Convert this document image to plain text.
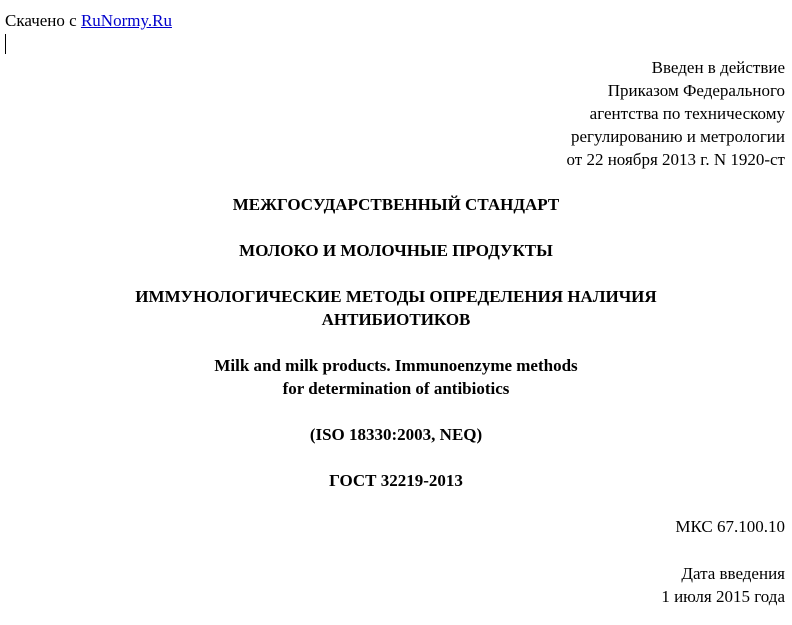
Скачено с RuNormy.Ru
Введен в действие
Приказом Федерального
агентства по техническому
регулированию и метрологии
от 22 ноября 2013 г. N 1920-ст
МЕЖГОСУДАРСТВЕННЫЙ СТАНДАРТ
МОЛОКО И МОЛОЧНЫЕ ПРОДУКТЫ
ИММУНОЛОГИЧЕСКИЕ МЕТОДЫ ОПРЕДЕЛЕНИЯ НАЛИЧИЯ
АНТИБИОТИКОВ
Milk and milk products. Immunoenzyme methods
for determination of antibiotics
(ISO 18330:2003, NEQ)
ГОСТ 32219-2013
МКС 67.100.10
Дата введения
1 июля 2015 года
